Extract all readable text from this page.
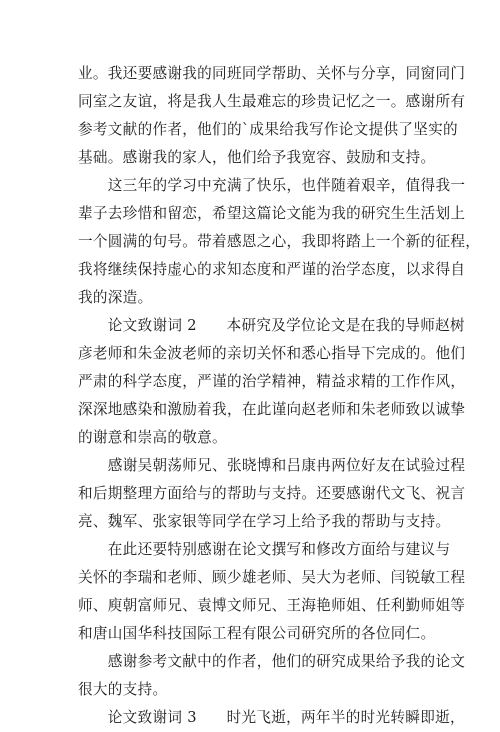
业。我还要感谢我的同班同学帮助、关怀与分享，同窗同门
同室之友谊，将是我人生最难忘的珍贵记忆之一。感谢所有
参考文献的作者，他们的`成果给我写作论文提供了坚实的
基础。感谢我的家人，他们给予我宽容、鼓励和支持。
　　这三年的学习中充满了快乐，也伴随着艰辛，值得我一
辈子去珍惜和留恋，希望这篇论文能为我的研究生生活划上
一个圆满的句号。带着感恩之心，我即将踏上一个新的征程，
我将继续保持虚心的求知态度和严谨的治学态度，以求得自
我的深造。
　　论文致谢词 2　　本研究及学位论文是在我的导师赵树
彦老师和朱金波老师的亲切关怀和悉心指导下完成的。他们
严肃的科学态度，严谨的治学精神，精益求精的工作作风，
深深地感染和激励着我，在此谨向赵老师和朱老师致以诚挚
的谢意和崇高的敬意。
　　感谢吴朝荡师兄、张晓博和吕康冉两位好友在试验过程
和后期整理方面给与的帮助与支持。还要感谢代文飞、祝言
亮、魏军、张家银等同学在学习上给予我的帮助与支持。
　　在此还要特别感谢在论文撰写和修改方面给与建议与
关怀的李瑞和老师、顾少雄老师、吴大为老师、闫锐敏工程
师、庾朝富师兄、袁博文师兄、王海艳师姐、任利勤师姐等
和唐山国华科技国际工程有限公司研究所的各位同仁。
　　感谢参考文献中的作者，他们的研究成果给予我的论文
很大的支持。
　　论文致谢词 3　　时光飞逝，两年半的时光转瞬即逝，
